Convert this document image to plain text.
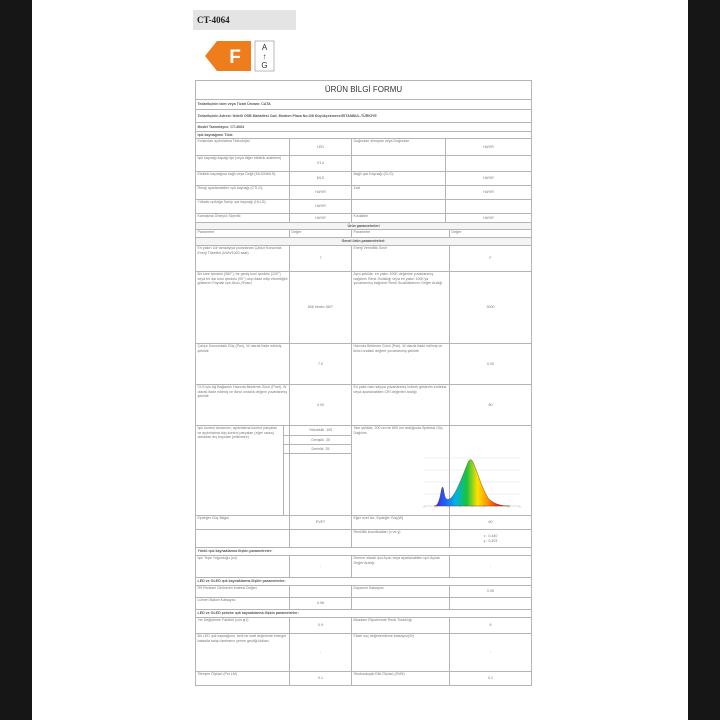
CT-4064
F	A
↑
G
ÜRÜN BİLGİ FORMU					
Tedarikçinin isim veya Ticari Ünvanı: CATA					
Tedarikçinin Adresi: Ikitelli OSB Mahallesi Cad. Modern Plaza No:3/8 Küçükçekmece/İSTANBUL-TÜRKİYE					
Model Tanımlayıcı: CT-4064					
Işık kaynağının Türü:					
Kullanılan aydınlatma Teknolojisi:		LED	Doğrudan olmayan veya Doğrudan	HAYIR	
Işık kaynağı kapağı tipi (veya diğer elektrik arabirimi)		E14			
Elektrik kaynağına bağlı veya Değil (MLS/NMLS):		MLS	Bağlı ışık Kaynağı (CLS):	HAYIR	
Rengi ayarlanabilen ışık kaynağı (CTLS):		HAYIR	Zarf	HAYIR	
Yüksek ışıltılığa Sahip ışık kaynağı (HLLS):		HAYIR			
Kamaşma Önleyici Siperlik:		HAYIR	Kısılabilir	HAYIR	
Ürün parametreleri					
Parametre		Değer	Parametre		Değer
Genel ürün parametreleri:					
En yakın 1dr tamsayıya yuvarlanan Çalışır Konumda Enerji Tüketimi (kWh/1000 saat)		7	Enerji Verimlilik Sınıfı		F
Bir küre içindeki (360°), bir geniş koni içindeki (120°) veya bir dar koni içindeki (90°) olup ifade edip etmediğini gösteren Faydalı Işık Akısı (Φuse)		806 lümen 360°	Aynı şekilde, en yakın 100K değerine yuvarlanmış bağılımlı Renk Sıcaklığı veya en yakın 100K'ya yuvarlanmış bağılımlı Renk Sıcaklıklarının Değer Aralığı		3000
Çalışır Konumdaki Güç (Pon), W olarak ifade edilmiş şekilde		7.0	Hazırda Bekleme Gücü (Psb), W olarak ifade edilmiş ve ikinci ondalık değere yuvarlanmış şekilde		0.00
CLS için Ağ Bağlantılı Hazırda Bekleme Gücü (Pnet), W olarak ifade edilmiş ve ikinci ondalık değere yuvarlanmış şekilde		0.00	En yakın tam sayıya yuvarlanmış Indirek gösterim endeksi, veya ayarlanabilen CRI değerleri aralığı		80
Işık kontrol donanımı, aydınlatma kontrol parçaları ve aydınlatma dışı kontrol parçaları (eğer varsa) olmadan dış boyutlar (milimetre)		Yükseklik 105	Tam şekilde, 200 nm ile 800 nm aralığında Spektral Güç Dağılımı		
		Genişlik 35			
		Derinlik 35			

Eşdeğer Güç Bilgisi		EVET	Eğer evet ise, Eşdeğer Güç(W)		60
			Renklilik koordinatları (x ve y)		x : 0,440
y : 0,403

Yönlü ışık kaynaklarına ilişkin parametreler:					
Işık Tepe Yoğunluğu (cd)		-	Derece olarak ışın Açısı veya ayarlanabilen ışın Açıları Değer Aralığı		-
LED ve OLED ışık kaynaklarına ilişkin parametreler:					
R9 Renksel Geriverim İndeksi Değeri			Dayanım Katsayısı		0.95
Lümen Bakım Katsayısı		0.96			
LED ve OLED şebeke ışık kaynaklarına ilişkin parametreler:					
Yer Değiştirme Faktörü (cos φ1)		0.9	Mcadam Elipslerinde Renk Tutarlılığı		6
Bir LED ışık kaynağının, belli bir watt değerinde entegre balastla sahip lambanın yerine geçtiği iddiası		-	Flash suç değerlendirme katsayısı(W)		-
Titreşim Ölçüsü (Pst LM)		0.1	Stroboskopik Etki Ölçüsü (SVM)		0.1
